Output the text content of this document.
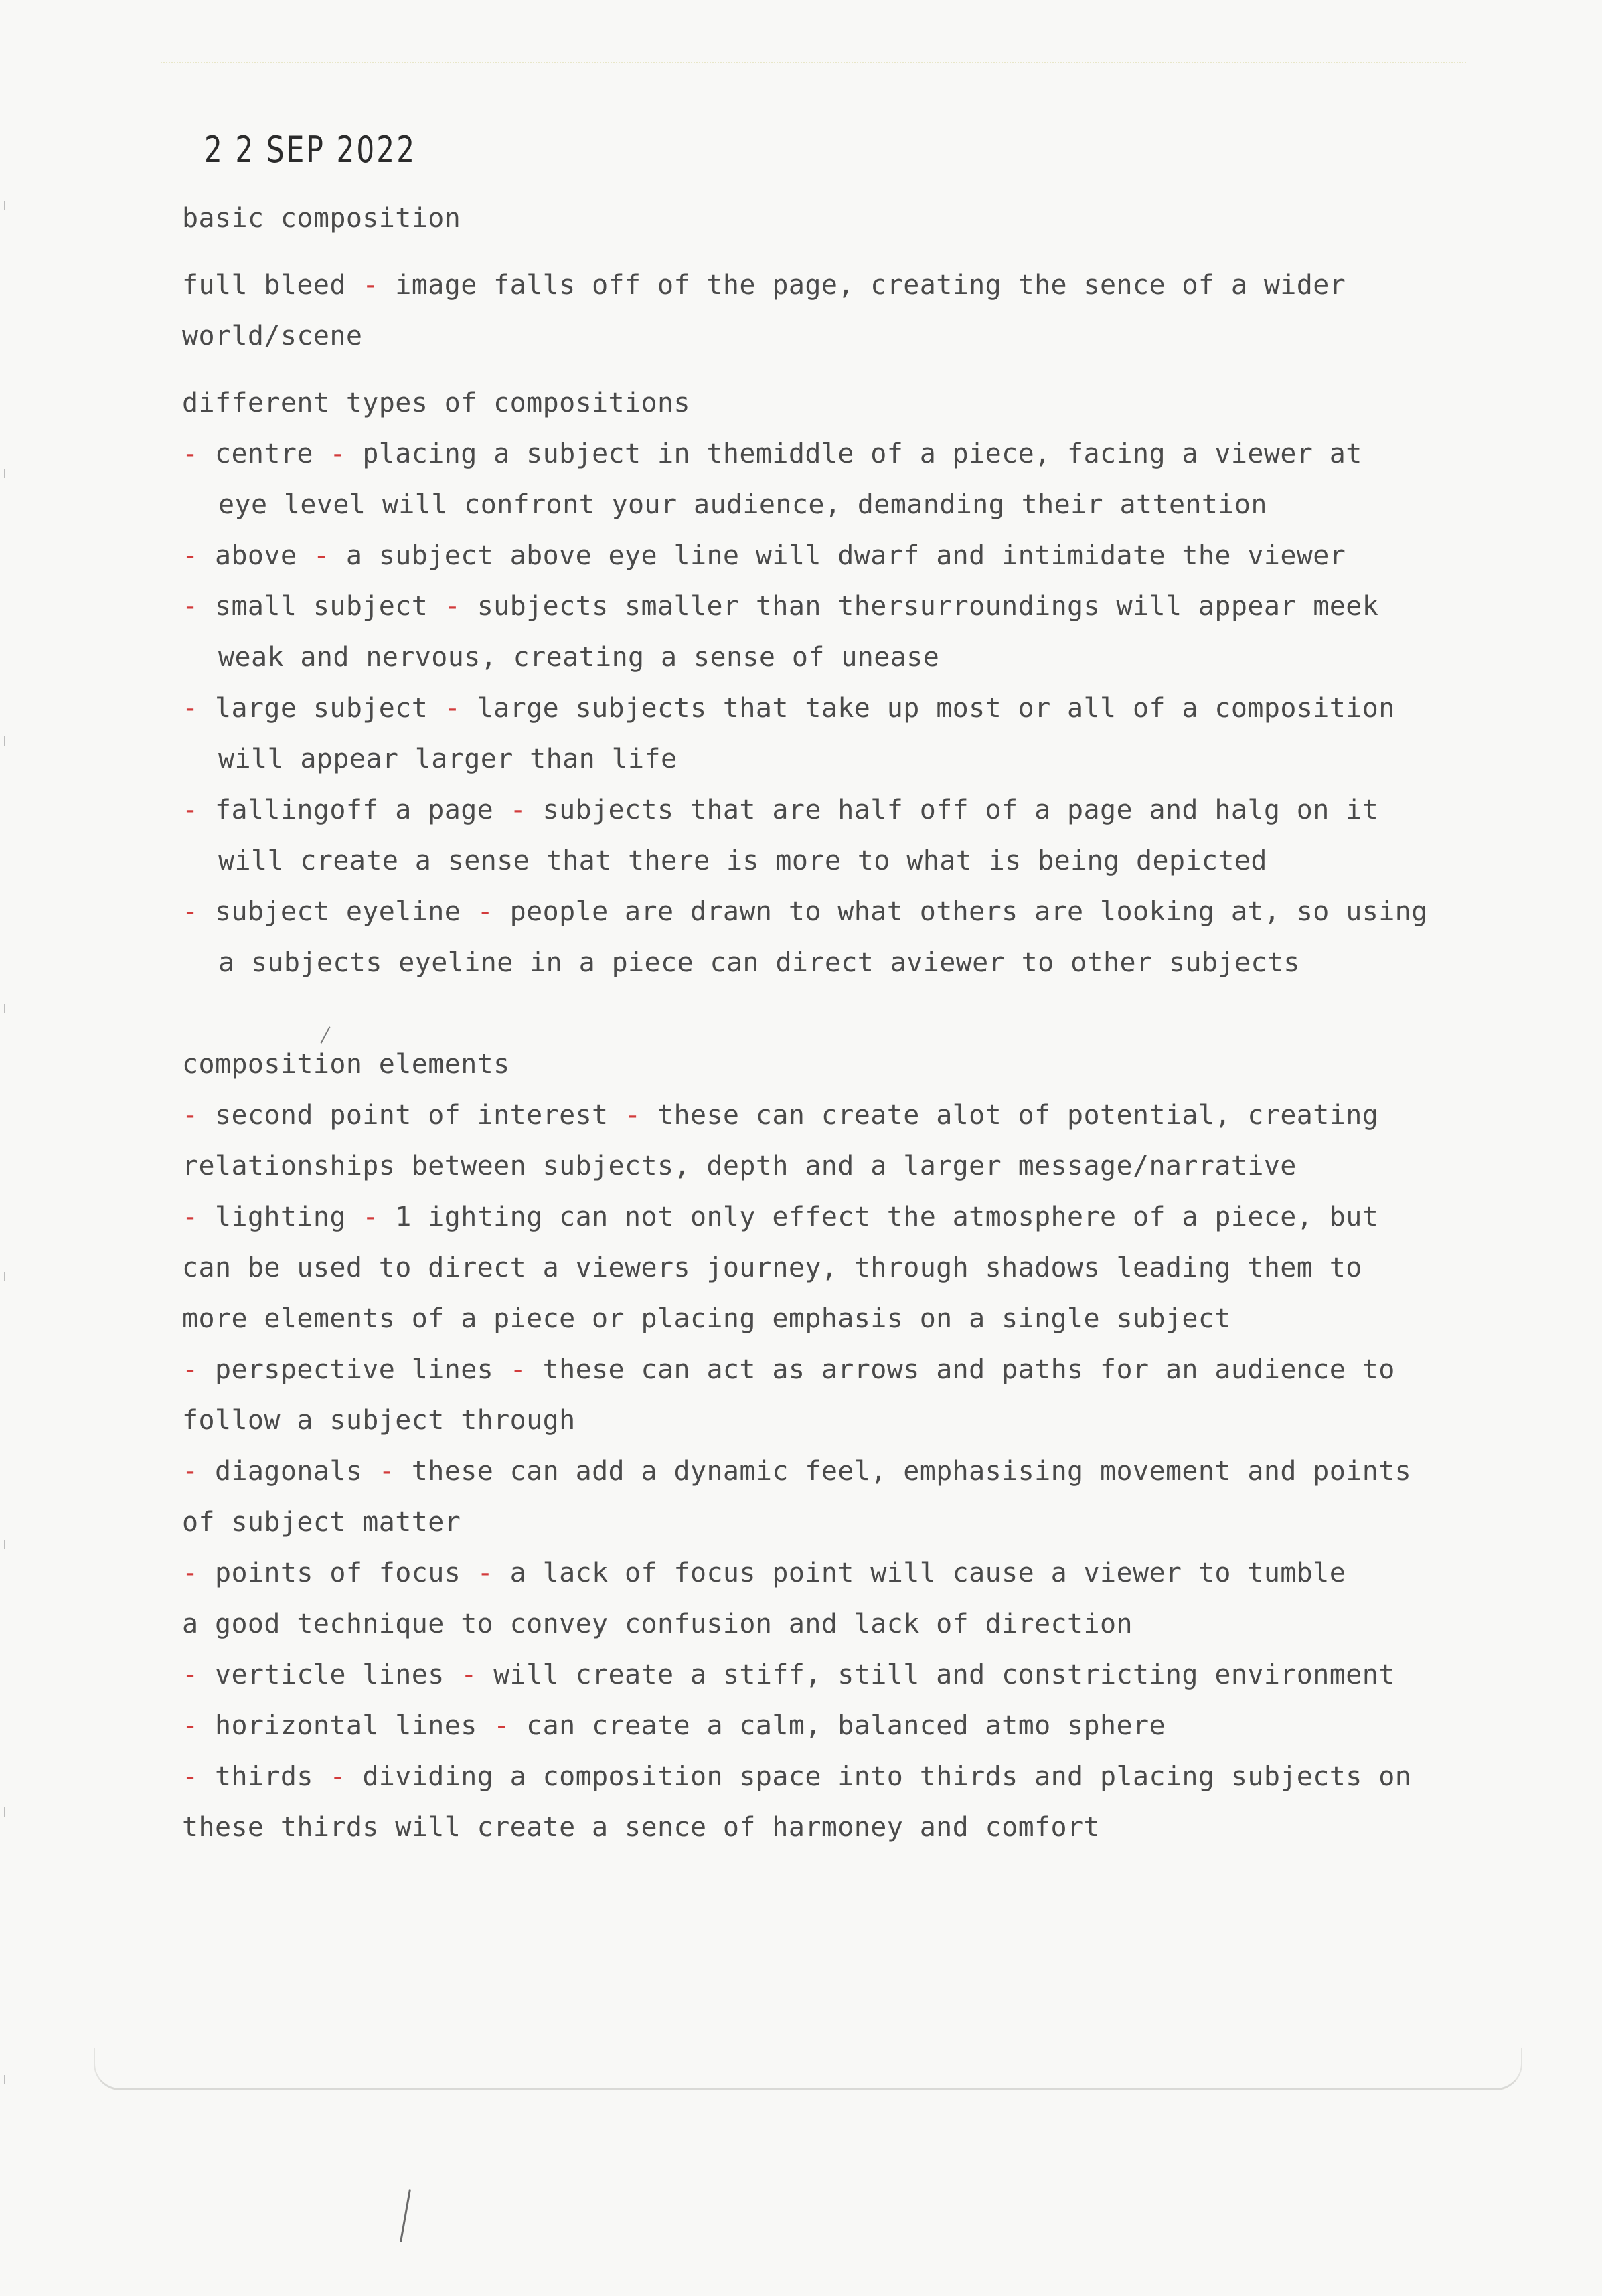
2 2 SEP 2022
basic composition
full bleed - image falls off of the page, creating the sence of a wider
world/scene
different types of compositions
- centre - placing a subject in themiddle of a piece, facing a viewer at
eye level will confront your audience, demanding their attention
- above - a subject above eye line will dwarf and intimidate the viewer
- small subject - subjects smaller than thersurroundings will appear meek
weak and nervous, creating a sense of unease
- large subject - large subjects that take up most or all of a composition
will appear larger than life
- fallingoff a page - subjects that are half off of a page and halg on it
will create a sense that there is more to what is being depicted
- subject eyeline - people are drawn to what others are looking at, so using
a subjects eyeline in a piece can direct aviewer to other subjects
composition elements
- second point of interest - these can create alot of potential, creating
relationships between subjects, depth and a larger message/narrative
- lighting - 1 ighting can not only effect the atmosphere of a piece, but
can be used to direct a viewers journey, through shadows leading them to
more elements of a piece or placing emphasis on a single subject
- perspective lines - these can act as arrows and paths for an audience to
follow a subject through
- diagonals - these can add a dynamic feel, emphasising movement and points
of subject matter
- points of focus - a lack of focus point will cause a viewer to tumble
a good technique to convey confusion and lack of direction
- verticle lines - will create a stiff, still and constricting environment
- horizontal lines - can create a calm, balanced atmo sphere
- thirds - dividing a composition space into thirds and placing subjects on
these thirds will create a sence of harmoney and comfort
